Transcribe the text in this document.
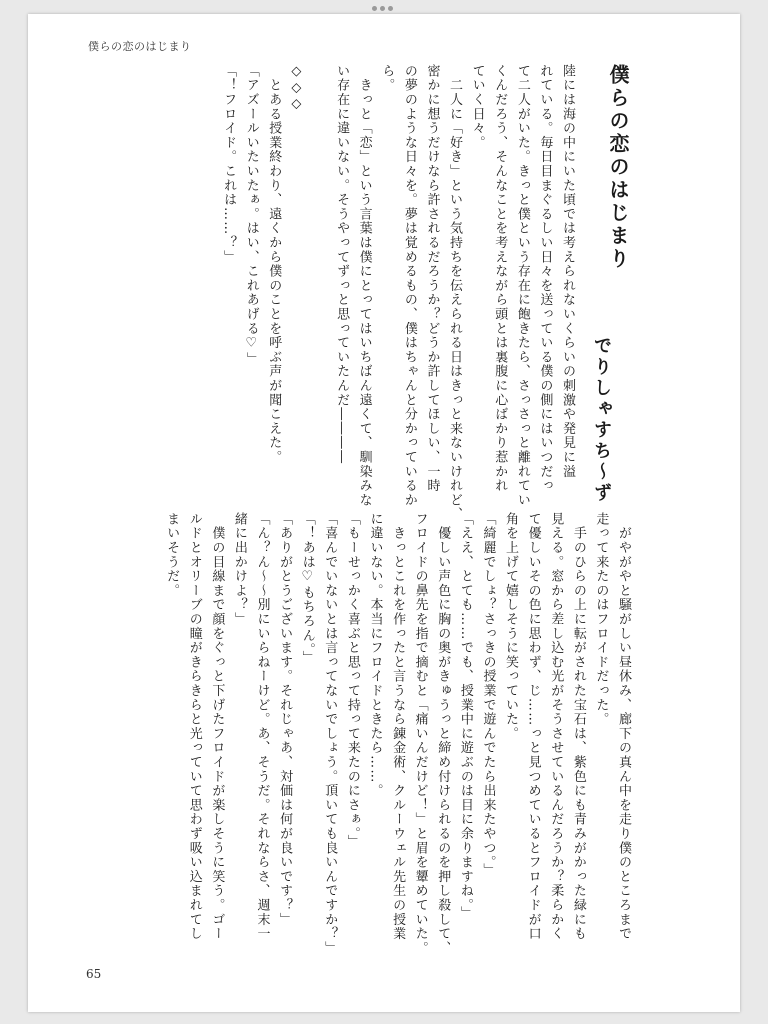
僕らの恋のはじまり
僕らの恋のはじまり
でりしゃすち～ず
陸には海の中にいた頃では考えられないくらいの刺激や発見に溢
れている。毎日目まぐるしい日々を送っている僕の側にはいつだっ
て二人がいた。きっと僕という存在に飽きたら、さっさっと離れてい
くんだろう、そんなことを考えながら頭とは裏腹に心ばかり惹かれ
ていく日々。
　二人に「好き」という気持ちを伝えられる日はきっと来ないけれど、
密かに想うだけなら許されるだろうか？どうか許してほしい、一時
の夢のような日々を。夢は覚めるもの、僕はちゃんと分かっているか
ら。
　きっと「恋」という言葉は僕にとってはいちばん遠くて、馴染みな
い存在に違いない。そうやってずっと思っていたんだ――――

◇◇◇
　とある授業終わり、遠くから僕のことを呼ぶ声が聞こえた。
「アズールいたいたぁ。はい、これあげる♡」
「！フロイド。これは……？」
　がやがやと騒がしい昼休み、廊下の真ん中を走り僕のところまで
走って来たのはフロイドだった。
　手のひらの上に転がされた宝石は、紫色にも青みがかった緑にも
見える。窓から差し込む光がそうさせているんだろうか？柔らかく
て優しいその色に思わず、じ……っと見つめているとフロイドが口
角を上げて嬉しそうに笑っていた。
「綺麗でしょ？さっきの授業で遊んでたら出来たやつ。」
「ええ、とても……でも、授業中に遊ぶのは目に余りますね。」
　優しい声色に胸の奥がきゅうっと締め付けられるのを押し殺して、
フロイドの鼻先を指で摘むと「痛いんだけど！」と眉を顰めていた。
　きっとこれを作ったと言うなら錬金術、クルーウェル先生の授業
に違いない。本当にフロイドときたら……。
「もーせっかく喜ぶと思って持って来たのにさぁ。」
「喜んでいないとは言ってないでしょう。頂いても良いんですか？」
「！あは♡もちろん。」
「ありがとうございます。それじゃあ、対価は何が良いです？」
「ん？ん～～別にいらねーけど。あ、そうだ。それならさ、週末一
緒に出かけよ？」
　僕の目線まで顔をぐっと下げたフロイドが楽しそうに笑う。ゴー
ルドとオリーブの瞳がきらきらと光っていて思わず吸い込まれてし
まいそうだ。
65
